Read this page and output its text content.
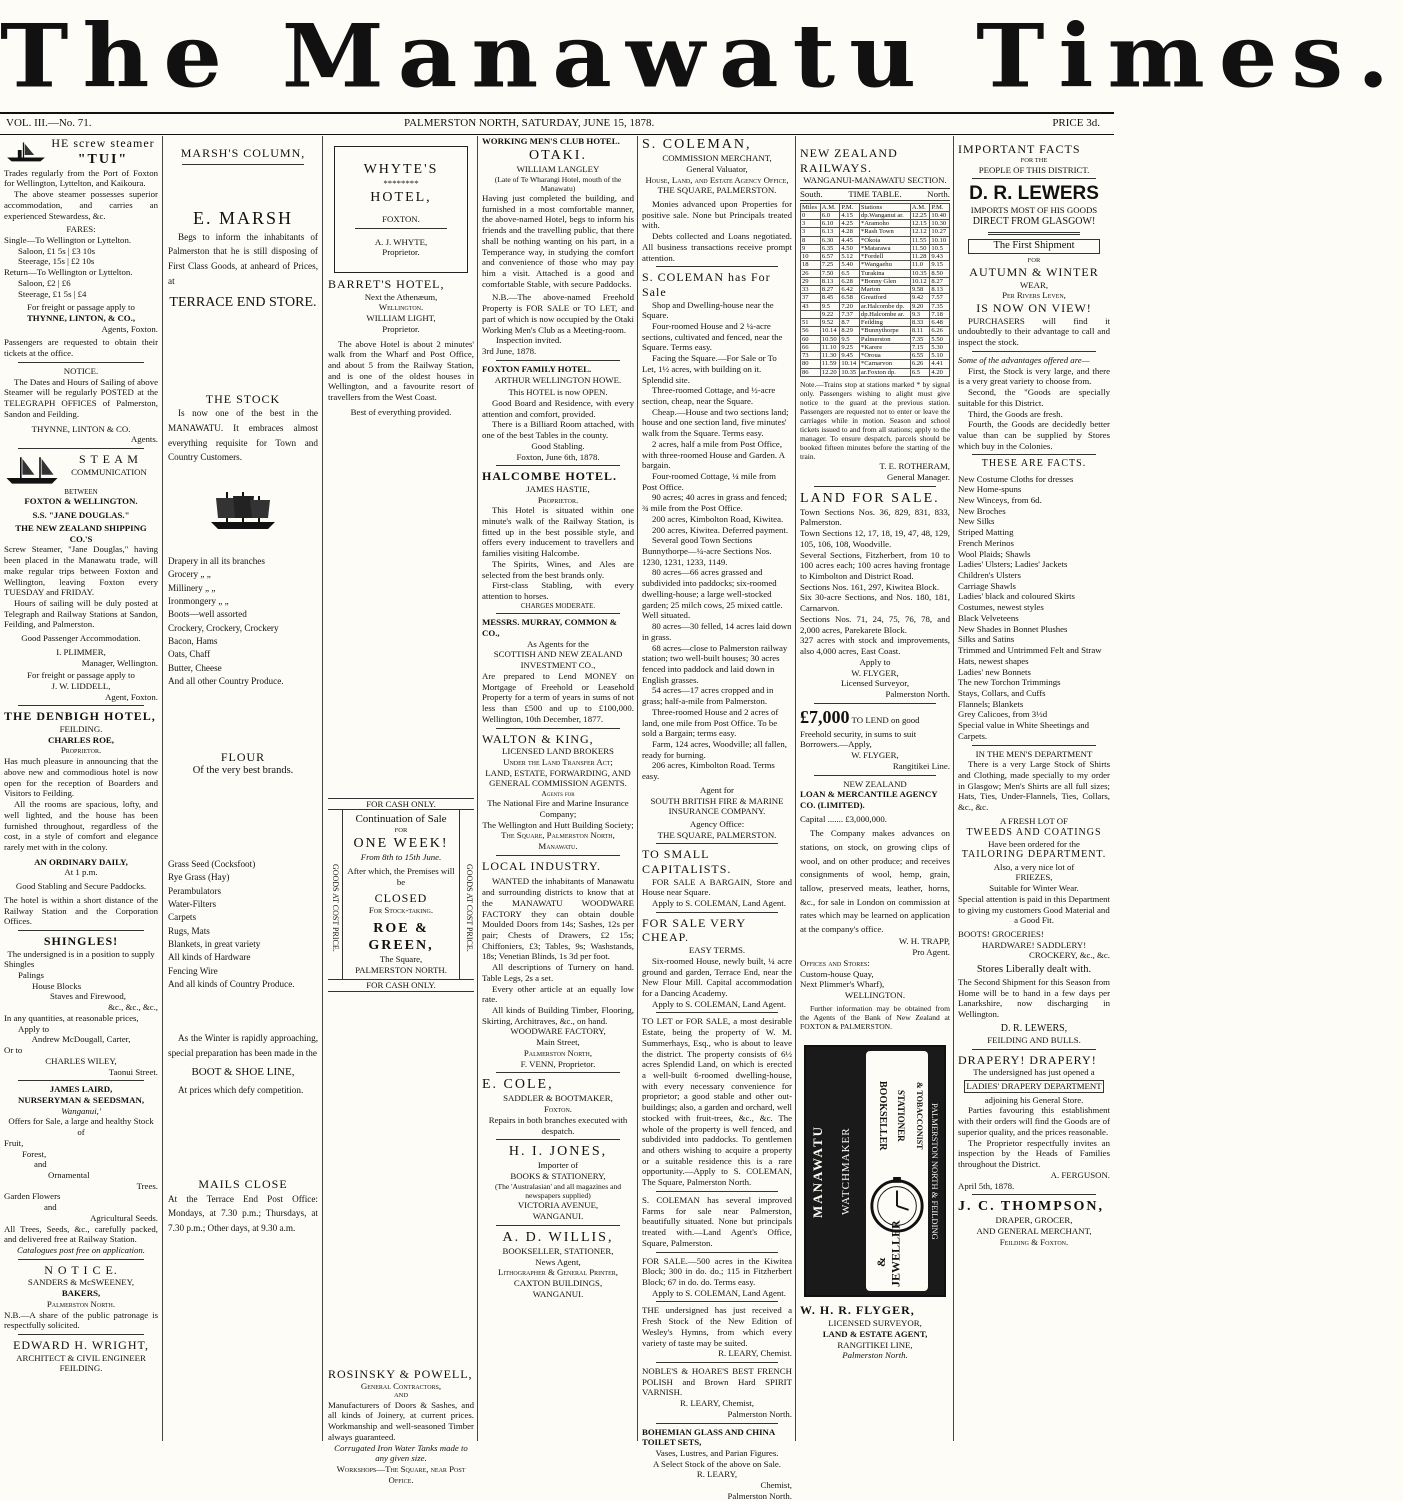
The Manawatu Times.
VOL. III.—No. 71.	PALMERSTON NORTH, SATURDAY, JUNE 15, 1878.	PRICE 3d.

HE screw steamer

"TUI"

Trades regularly from the Port of Foxton for Wellington, Lyttelton, and Kaikoura.

The above steamer possesses superior accommodation, and carries an experienced Stewardess, &c.

FARES:

Single—To Wellington or Lyttelton.

Saloon, £1 5s | £3 10s

Steerage, 15s | £2 10s

Return—To Wellington or Lyttelton.

Saloon, £2 | £6

Steerage, £1 5s | £4

For freight or passage apply to

THYNNE, LINTON, & CO.,

Agents, Foxton.

Passengers are requested to obtain their tickets at the office.

NOTICE.

The Dates and Hours of Sailing of above Steamer will be regularly POSTED at the TELEGRAPH OFFICES of Palmerston, Sandon and Feilding.

THYNNE, LINTON & CO.

Agents.

S T E A M

COMMUNICATION

BETWEEN

FOXTON & WELLINGTON.

S.S. "JANE DOUGLAS."

THE NEW ZEALAND SHIPPING CO.'S

Screw Steamer, "Jane Douglas," having been placed in the Manawatu trade, will make regular trips between Foxton and Wellington, leaving Foxton every TUESDAY and FRIDAY.

Hours of sailing will be duly posted at Telegraph and Railway Stations at Sandon, Feilding, and Palmerston.

Good Passenger Accommodation.

I. PLIMMER,

Manager, Wellington.

For freight or passage apply to

J. W. LIDDELL,

Agent, Foxton.

THE DENBIGH HOTEL,

FEILDING.

CHARLES ROE,

Proprietor.

Has much pleasure in announcing that the above new and commodious hotel is now open for the reception of Boarders and Visitors to Feilding.

All the rooms are spacious, lofty, and well lighted, and the house has been furnished throughout, regardless of the cost, in a style of comfort and elegance rarely met with in the colony.

AN ORDINARY DAILY,

At 1 p.m.

Good Stabling and Secure Paddocks.

The hotel is within a short distance of the Railway Station and the Corporation Offices.

SHINGLES!

The undersigned is in a position to supply

Shingles

Palings

House Blocks

Staves and Firewood,

&c., &c., &c.,

In any quantities, at reasonable prices,

Apply to

Andrew McDougall, Carter,

Or to

CHARLES WILEY,

Taonui Street.

JAMES LAIRD,

NURSERYMAN & SEEDSMAN,

Wanganui,'

Offers for Sale, a large and healthy Stock of

Fruit,

Forest,

and

Ornamental

Trees.

Garden Flowers

and

Agricultural Seeds.

All Trees, Seeds, &c., carefully packed, and delivered free at Railway Station.

Catalogues post free on application.

N O T I C E.

SANDERS & McSWEENEY,

BAKERS,

Palmerston North.

N.B.—A share of the public patronage is respectfully solicited.

EDWARD H. WRIGHT,

ARCHITECT & CIVIL ENGINEER

FEILDING.

MARSH'S COLUMN,

E. MARSH

Begs to inform the inhabitants of Palmerston that he is still disposing of First Class Goods, at anheard of Prices, at

TERRACE END STORE.

THE STOCK

Is now one of the best in the MANAWATU. It embraces almost everything requisite for Town and Country Customers.

Drapery in all its branches

Grocery „ „

Millinery „ „

Ironmongery „ „

Boots—well assorted

Crockery, Crockery, Crockery

Bacon, Hams

Oats, Chaff

Butter, Cheese

And all other Country Produce.

FLOUR

Of the very best brands.

Grass Seed (Cocksfoot)

Rye Grass (Hay)

Perambulators

Water-Filters

Carpets

Rugs, Mats

Blankets, in great variety

All kinds of Hardware

Fencing Wire

And all kinds of Country Produce.

As the Winter is rapidly approaching, special preparation has been made in the

BOOT & SHOE LINE,

At prices which defy competition.

MAILS CLOSE

At the Terrace End Post Office: Mondays, at 7.30 p.m.; Thursdays, at 7.30 p.m.; Other days, at 9.30 a.m.

WHYTE'S

********

HOTEL,

FOXTON.

A. J. WHYTE,

Proprietor.

BARRET'S HOTEL,

Next the Athenæum,

Wellington.

WILLIAM LIGHT,

Proprietor.

The above Hotel is about 2 minutes' walk from the Wharf and Post Office, and about 5 from the Railway Station, and is one of the oldest houses in Wellington, and a favourite resort of travellers from the West Coast.

Best of everything provided.

FOR CASH ONLY.

GOODS AT COST PRICE.	GOODS AT COST PRICE.

Continuation of Sale

FOR

ONE WEEK!

From 8th to 15th June.

After which, the Premises will be

CLOSED

For Stock-taking.

ROE & GREEN,

The Square,

PALMERSTON NORTH.

FOR CASH ONLY.

ROSINSKY & POWELL,

General Contractors,

AND

Manufacturers of Doors & Sashes, and all kinds of Joinery, at current prices. Workmanship and well-seasoned Timber always guaranteed.

Corrugated Iron Water Tanks made to any given size.

Workshops—The Square, near Post Office.

WORKING MEN'S CLUB HOTEL.

OTAKI.

WILLIAM LANGLEY

(Late of Te Wharangi Hotel, mouth of the Manawatu)

Having just completed the building, and furnished in a most comfortable manner, the above-named Hotel, begs to inform his friends and the travelling public, that there shall be nothing wanting on his part, in a Temperance way, in studying the comfort and convenience of those who may pay him a visit. Attached is a good and comfortable Stable, with secure Paddocks.

N.B.—The above-named Freehold Property is FOR SALE or TO LET, and part of which is now occupied by the Otaki Working Men's Club as a Meeting-room.

Inspection invited.

3rd June, 1878.

FOXTON FAMILY HOTEL.

ARTHUR WELLINGTON HOWE.

This HOTEL is now OPEN.

Good Board and Residence, with every attention and comfort, provided.

There is a Billiard Room attached, with one of the best Tables in the county.

Good Stabling.

Foxton, June 6th, 1878.

HALCOMBE HOTEL.

JAMES HASTIE,

Proprietor.

This Hotel is situated within one minute's walk of the Railway Station, is fitted up in the best possible style, and offers every inducement to travellers and families visiting Halcombe.

The Spirits, Wines, and Ales are selected from the best brands only.

First-class Stabling, with every attention to horses.

CHARGES MODERATE.

MESSRS. MURRAY, COMMON & CO.,

As Agents for the

SCOTTISH AND NEW ZEALAND INVESTMENT CO.,

Are prepared to Lend MONEY on Mortgage of Freehold or Leasehold Property for a term of years in sums of not less than £500 and up to £100,000. Wellington, 10th December, 1877.

WALTON & KING,

LICENSED LAND BROKERS

Under the Land Transfer Act;

LAND, ESTATE, FORWARDING, AND GENERAL COMMISSION AGENTS.

Agents for

The National Fire and Marine Insurance Company;

The Wellington and Hutt Building Society;

The Square, Palmerston North, Manawatu.

LOCAL INDUSTRY.

WANTED the inhabitants of Manawatu and surrounding districts to know that at the MANAWATU WOODWARE FACTORY they can obtain double Moulded Doors from 14s; Sashes, 12s per pair; Chests of Drawers, £2 15s; Chiffoniers, £3; Tables, 9s; Washstands, 18s; Venetian Blinds, 1s 3d per foot.

All descriptions of Turnery on hand. Table Legs, 2s a set.

Every other article at an equally low rate.

All kinds of Building Timber, Flooring, Skirting, Architraves, &c., on hand.

WOODWARE FACTORY,

Main Street,

Palmerston North,

F. VENN, Proprietor.

E. COLE,

SADDLER & BOOTMAKER,

Foxton.

Repairs in both branches executed with despatch.

H. I. JONES,

Importer of

BOOKS & STATIONERY,

(The 'Australasian' and all magazines and newspapers supplied)

VICTORIA AVENUE,

WANGANUI.

A. D. WILLIS,

BOOKSELLER, STATIONER,

News Agent,

Lithographer & General Printer,

CAXTON BUILDINGS,

WANGANUI.

S. COLEMAN,

COMMISSION MERCHANT,

General Valuator,

House, Land, and Estate Agency Office,

THE SQUARE, PALMERSTON.

Monies advanced upon Properties for positive sale. None but Principals treated with.

Debts collected and Loans negotiated. All business transactions receive prompt attention.

S. COLEMAN has For Sale

Shop and Dwelling-house near the Square.

Four-roomed House and 2 ¼-acre sections, cultivated and fenced, near the Square. Terms easy.

Facing the Square.—For Sale or To Let, 1½ acres, with building on it. Splendid site.

Three-roomed Cottage, and ½-acre section, cheap, near the Square.

Cheap.—House and two sections land; house and one section land, five minutes' walk from the Square. Terms easy.

2 acres, half a mile from Post Office, with three-roomed House and Garden. A bargain.

Four-roomed Cottage, ¼ mile from Post Office.

90 acres; 40 acres in grass and fenced; ¾ mile from the Post Office.

200 acres, Kimbolton Road, Kiwitea.

200 acres, Kiwitea. Deferred payment.

Several good Town Sections Bunnythorpe—¼-acre Sections Nos. 1230, 1231, 1233, 1149.

80 acres—66 acres grassed and subdivided into paddocks; six-roomed dwelling-house; a large well-stocked garden; 25 milch cows, 25 mixed cattle. Well situated.

80 acres—30 felled, 14 acres laid down in grass.

68 acres—close to Palmerston railway station; two well-built houses; 30 acres fenced into paddock and laid down in English grasses.

54 acres—17 acres cropped and in grass; half-a-mile from Palmerston.

Three-roomed House and 2 acres of land, one mile from Post Office. To be sold a Bargain; terms easy.

Farm, 124 acres, Woodville; all fallen, ready for burning.

206 acres, Kimbolton Road. Terms easy.

Agent for

SOUTH BRITISH FIRE & MARINE INSURANCE COMPANY.

Agency Office:

THE SQUARE, PALMERSTON.

TO SMALL CAPITALISTS.

FOR SALE A BARGAIN, Store and House near Square.

Apply to S. COLEMAN, Land Agent.

FOR SALE VERY CHEAP.

EASY TERMS.

Six-roomed House, newly built, ¼ acre ground and garden, Terrace End, near the New Flour Mill. Capital accommodation for a Dancing Academy.

Apply to S. COLEMAN, Land Agent.

TO LET or FOR SALE, a most desirable Estate, being the property of W. M. Summerhays, Esq., who is about to leave the district. The property consists of 6½ acres Splendid Land, on which is erected a well-built 6-roomed dwelling-house, with every necessary convenience for proprietor; a good stable and other out-buildings; also, a garden and orchard, well stocked with fruit-trees, &c., &c. The whole of the property is well fenced, and subdivided into paddocks. To gentlemen and others wishing to acquire a property or a suitable residence this is a rare opportunity.—Apply to S. COLEMAN, The Square, Palmerston North.

S. COLEMAN has several improved Farms for sale near Palmerston, beautifully situated. None but principals treated with.—Land Agent's Office, Square, Palmerston.

FOR SALE.—500 acres in the Kiwitea Block; 300 in do. do.; 115 in Fitzherbert Block; 67 in do. do. Terms easy.

Apply to S. COLEMAN, Land Agent.

THE undersigned has just received a Fresh Stock of the New Edition of Wesley's Hymns, from which every variety of taste may be suited.

R. LEARY, Chemist.

NOBLE'S & HOARE'S BEST FRENCH POLISH and Brown Hard SPIRIT VARNISH.

R. LEARY, Chemist,

Palmerston North.

BOHEMIAN GLASS AND CHINA TOILET SETS,

Vases, Lustres, and Parian Figures.

A Select Stock of the above on Sale.

R. LEARY,

Chemist,

Palmerston North.

NEW ZEALAND RAILWAYS.

WANGANUI-MANAWATU SECTION.

South.	TIME TABLE.	North.
Miles	A.M.	P.M.	Stations	A.M.	P.M.
0	6.0	4.15	dp.Wanganui ar.	12.25	10.40
3	6.10	4.25	*Aramoho	12.15	10.30
3	6.13	4.28	*Rash Town	12.12	10.27
8	6.30	4.45	*Okoia	11.55	10.10
9	6.35	4.50	*Matarawa	11.50	10.5
10	6.57	5.12	*Fordell	11.28	9.43
18	7.25	5.40	*Wangaehu	11.0	9.15
26	7.50	6.5	Turakina	10.35	8.50
29	8.13	6.28	*Bonny Glen	10.12	8.27
33	8.27	6.42	Marton	9.58	8.13
37	8.45	6.58	Greatford	9.42	7.57
43	9.5	7.20	ar.Halcombe dp.	9.20	7.35
	9.22	7.37	dp.Halcombe ar.	9.3	7.18
51	9.52	8.7	Feilding	8.33	6.48
56	10.14	8.29	*Bunnythorpe	8.11	6.26
60	10.50	9.5	Palmerston	7.35	5.50
66	11.10	9.25	*Karere	7.15	5.30
73	11.30	9.45	*Oroua	6.55	5.10
80	11.59	10.14	*Carnarvon	6.26	4.41
86	12.20	10.35	ar.Foxton dp.	6.5	4.20

Note.—Trains stop at stations marked * by signal only. Passengers wishing to alight must give notice to the guard at the previous station. Passengers are requested not to enter or leave the carriages while in motion. Season and school tickets issued to and from all stations; apply to the manager. To ensure despatch, parcels should be booked fifteen minutes before the starting of the train.

T. E. ROTHERAM,

General Manager.

LAND FOR SALE.

Town Sections Nos. 36, 829, 831, 833, Palmerston.
Town Sections 12, 17, 18, 19, 47, 48, 129, 105, 106, 108, Woodville.
Several Sections, Fitzherbert, from 10 to 100 acres each; 100 acres having frontage to Kimbolton and District Road.
Sections Nos. 161, 297, Kiwitea Block.
Six 30-acre Sections, and Nos. 180, 181, Carnarvon.
Sections Nos. 71, 24, 75, 76, 78, and 2,000 acres, Parekarete Block.
327 acres with stock and improvements, also 4,000 acres, East Coast.

Apply to

W. FLYGER,

Licensed Surveyor,

Palmerston North.

£7,000 TO LEND on good Freehold security, in sums to suit Borrowers.—Apply,

W. FLYGER,

Rangitikei Line.

NEW ZEALAND

LOAN & MERCANTILE AGENCY CO. (LIMITED).

Capital ....... £3,000,000.

The Company makes advances on stations, on stock, on growing clips of wool, and on other produce; and receives consignments of wool, hemp, grain, tallow, preserved meats, leather, horns, &c., for sale in London on commission at rates which may be learned on application at the company's office.

W. H. TRAPP,

Pro Agent.

Offices and Stores:

Custom-house Quay,

Next Plimmer's Wharf),

WELLINGTON.

Further information may be obtained from the Agents of the Bank of New Zealand at FOXTON & PALMERSTON.

MANAWATU	WATCHMAKER
BOOKSELLER STATIONER	& TOBACCONIST
& JEWELLER
PALMERSTON NORTH & FEILDING

W. H. R. FLYGER,

LICENSED SURVEYOR,

LAND & ESTATE AGENT,

RANGITIKEI LINE,

Palmerston North.

IMPORTANT FACTS

FOR THE

PEOPLE OF THIS DISTRICT.

D. R. LEWERS

IMPORTS MOST OF HIS GOODS

DIRECT FROM GLASGOW!

The First Shipment

FOR

AUTUMN & WINTER

WEAR,

Per Rivers Leven,

IS NOW ON VIEW!

PURCHASERS will find it undoubtedly to their advantage to call and inspect the stock.

Some of the advantages offered are—

First, the Stock is very large, and there is a very great variety to choose from.

Second, the "Goods are specially suitable for this District.

Third, the Goods are fresh.

Fourth, the Goods are decidedly better value than can be supplied by Stores which buy in the Colonies.

THESE ARE FACTS.

New Costume Cloths for dresses

New Home-spuns

New Winceys, from 6d.

New Broches

New Silks

Striped Matting

French Merinos

Wool Plaids; Shawls

Ladies' Ulsters; Ladies' Jackets

Children's Ulsters

Carriage Shawls

Ladies' black and coloured Skirts

Costumes, newest styles

Black Velveteens

New Shades in Bonnet Plushes

Silks and Satins

Trimmed and Untrimmed Felt and Straw Hats, newest shapes

Ladies' new Bonnets

The new Torchon Trimmings

Stays, Collars, and Cuffs

Flannels; Blankets

Grey Calicoes, from 3½d

Special value in White Sheetings and Carpets.

IN THE MEN'S DEPARTMENT

There is a very Large Stock of Shirts and Clothing, made specially to my order in Glasgow; Men's Shirts are all full sizes; Hats, Ties, Under-Flannels, Ties, Collars, &c., &c.

A FRESH LOT OF

TWEEDS AND COATINGS

Have been ordered for the

TAILORING DEPARTMENT.

Also, a very nice lot of

FRIEZES,

Suitable for Winter Wear.

Special attention is paid in this Department to giving my customers Good Material and a Good Fit.

BOOTS! GROCERIES!

HARDWARE! SADDLERY!

CROCKERY, &c., &c.

Stores Liberally dealt with.

The Second Shipment for this Season from Home will be to hand in a few days per Lanarkshire, now discharging in Wellington.

D. R. LEWERS,

FEILDING AND BULLS.

DRAPERY! DRAPERY!

The undersigned has just opened a

LADIES' DRAPERY DEPARTMENT

adjoining his General Store.

Parties favouring this establishment with their orders will find the Goods are of superior quality, and the prices reasonable.

The Proprietor respectfully invites an inspection by the Heads of Families throughout the District.

A. FERGUSON.

April 5th, 1878.

J. C. THOMPSON,

DRAPER, GROCER,

AND GENERAL MERCHANT,

Feilding & Foxton.
